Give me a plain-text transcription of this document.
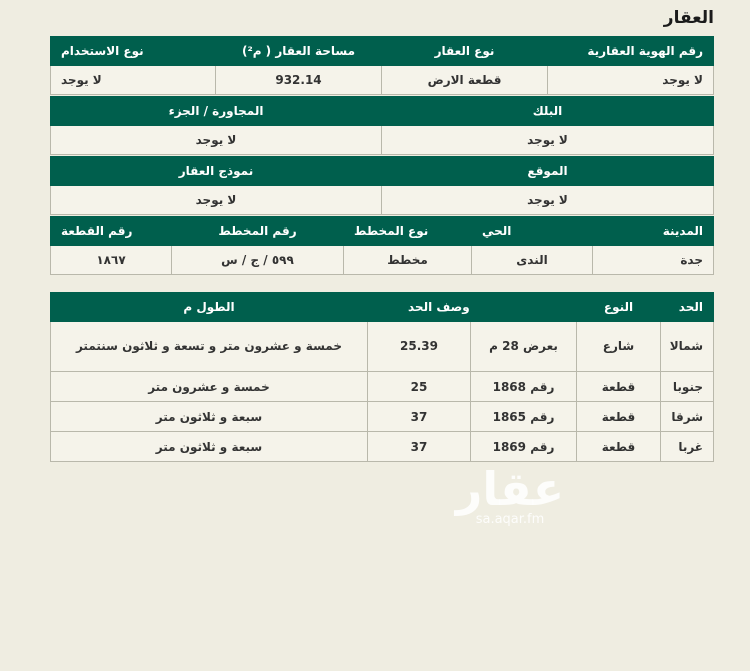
العقار
رقم الهوية العقارية	نوع العقار	مساحة العقار ( م²)	نوع الاستخدام
لا يوجد	قطعة الارض	932.14	لا يوجد
البلك	المجاورة / الجزء
لا يوجد	لا يوجد
الموقع	نموذج العقار
لا يوجد	لا يوجد
المدينة	الحي	نوع المخطط	رقم المخطط	رقم القطعة
جدة	الندى	مخطط	٥٩٩ / ج / س	١٨٦٧
الحد	النوع	وصف الحد		الطول م
شمالا	شارع	بعرض 28 م	25.39	خمسة و عشرون متر و تسعة و ثلاثون سنتمتر
جنوبا	قطعة	رقم 1868	25	خمسة و عشرون متر
شرقا	قطعة	رقم 1865	37	سبعة و ثلاثون متر
غربا	قطعة	رقم 1869	37	سبعة و ثلاثون متر
عقار
sa.aqar.fm
